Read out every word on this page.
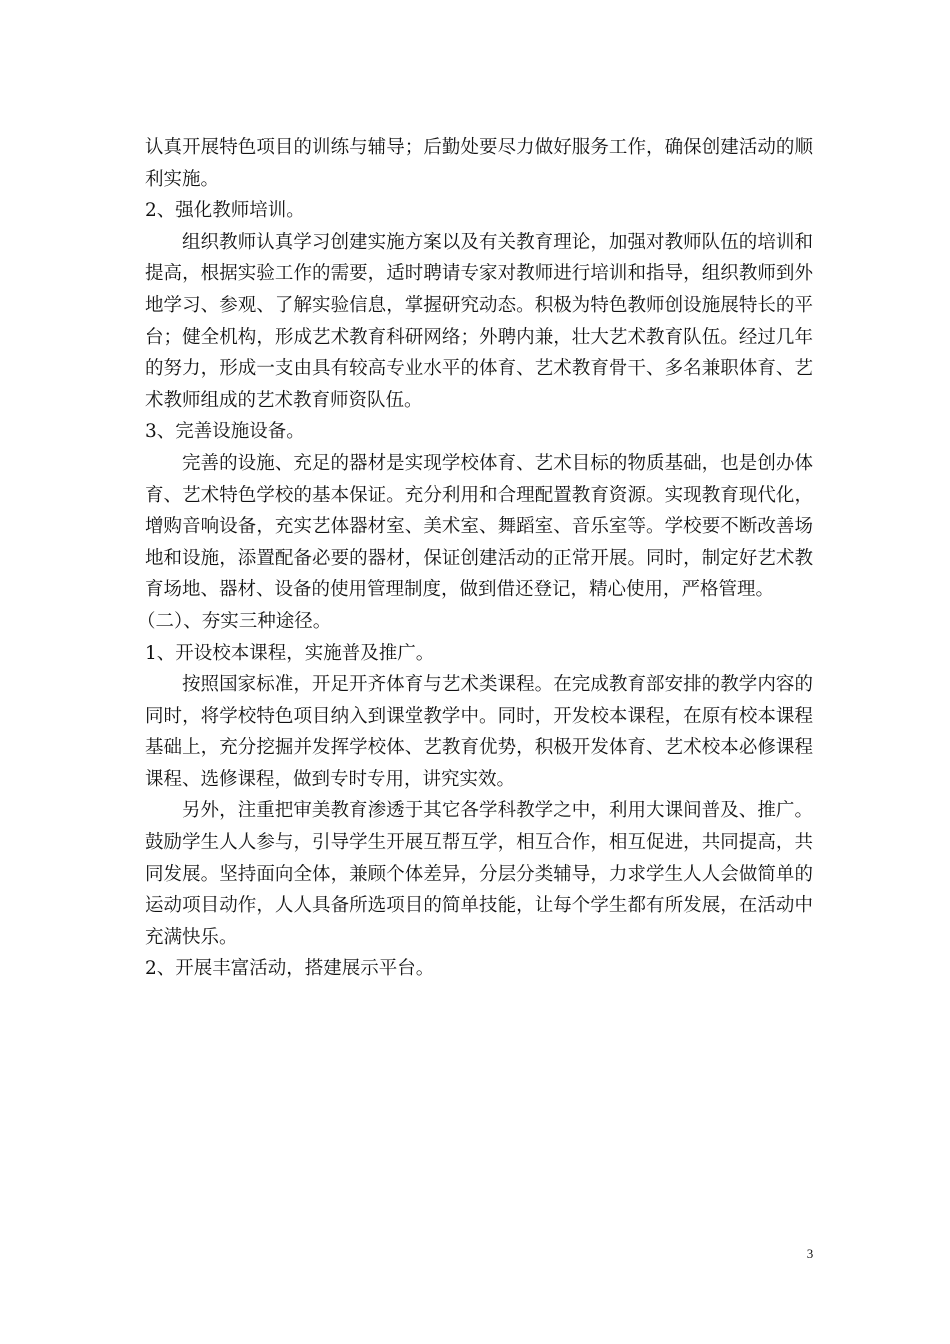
认真开展特色项目的训练与辅导；后勤处要尽力做好服务工作，确保创建活动的顺利实施。

2、强化教师培训。

组织教师认真学习创建实施方案以及有关教育理论，加强对教师队伍的培训和提高，根据实验工作的需要，适时聘请专家对教师进行培训和指导，组织教师到外地学习、参观、了解实验信息，掌握研究动态。积极为特色教师创设施展特长的平台；健全机构，形成艺术教育科研网络；外聘内兼，壮大艺术教育队伍。经过几年的努力，形成一支由具有较高专业水平的体育、艺术教育骨干、多名兼职体育、艺术教师组成的艺术教育师资队伍。

3、完善设施设备。

完善的设施、充足的器材是实现学校体育、艺术目标的物质基础，也是创办体育、艺术特色学校的基本保证。充分利用和合理配置教育资源。实现教育现代化，增购音响设备，充实艺体器材室、美术室、舞蹈室、音乐室等。学校要不断改善场地和设施，添置配备必要的器材，保证创建活动的正常开展。同时，制定好艺术教育场地、器材、设备的使用管理制度，做到借还登记，精心使用，严格管理。

（二）、夯实三种途径。

1、开设校本课程，实施普及推广。

按照国家标准，开足开齐体育与艺术类课程。在完成教育部安排的教学内容的同时，将学校特色项目纳入到课堂教学中。同时，开发校本课程，在原有校本课程基础上，充分挖掘并发挥学校体、艺教育优势，积极开发体育、艺术校本必修课程课程、选修课程，做到专时专用，讲究实效。

另外，注重把审美教育渗透于其它各学科教学之中，利用大课间普及、推广。鼓励学生人人参与，引导学生开展互帮互学，相互合作，相互促进，共同提高，共同发展。坚持面向全体，兼顾个体差异，分层分类辅导，力求学生人人会做简单的运动项目动作，人人具备所选项目的简单技能，让每个学生都有所发展，在活动中充满快乐。

2、开展丰富活动，搭建展示平台。

3
